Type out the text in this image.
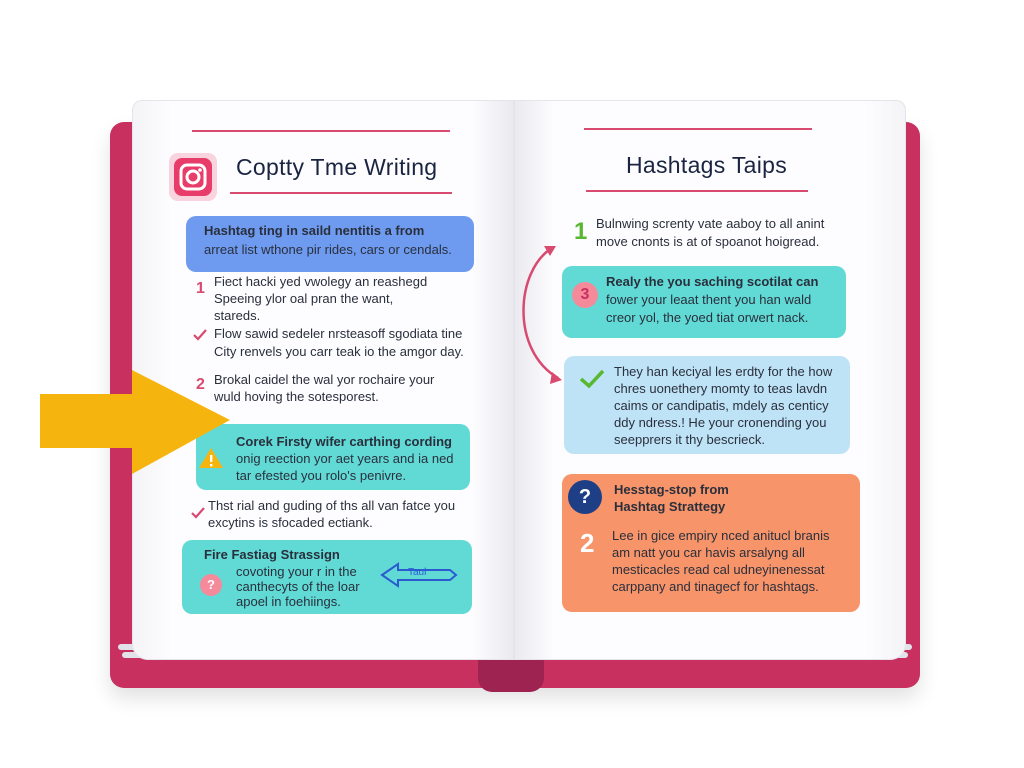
Coptty Tme Writing
Hashtag ting in saild nentitis a from
arreat list wthone pir rides, cars or cendals.
1 Fiect hacki yed vwolegy an reashegd
Speeing ylor oal pran the want,
stareds.
Flow sawid sedeler nrsteasoff sgodiata tine
City renvels you carr teak io the amgor day.
2 Brokal caidel the wal yor rochaire your
wuld hoving the sotesporest.
Corek Firsty wifer carthing cording
onig reection yor aet years and ia ned
tar efested you rolo's penivre.
Thst rial and guding of ths all van fatce you
excytins is sfocaded ectiank.
Fire Fastiag Strassign
?
covoting your r in the
canthecyts of the loar
apoel in foehiings.
Taul
Hashtags Taips
1 Bulnwing screnty vate aaboy to all anint
move cnonts is at of spoanot hoigread.
3
Realy the you saching scotilat can
fower your leaat thent you han wald
creor yol, the yoed tiat orwert nack.
They han keciyal les erdty for the how
chres uonethery momty to teas lavdn
caims or candipatis, mdely as centicy
ddy ndress.! He your cronending you
seepprers it thy bescrieck.
?	Hesstag-stop from
Hashtag Strattegy
2 Lee in gice empiry nced anitucl branis
am natt you car havis arsalyng all
mesticacles read cal udneyinenessat
carppany and tinagecf for hashtags.
